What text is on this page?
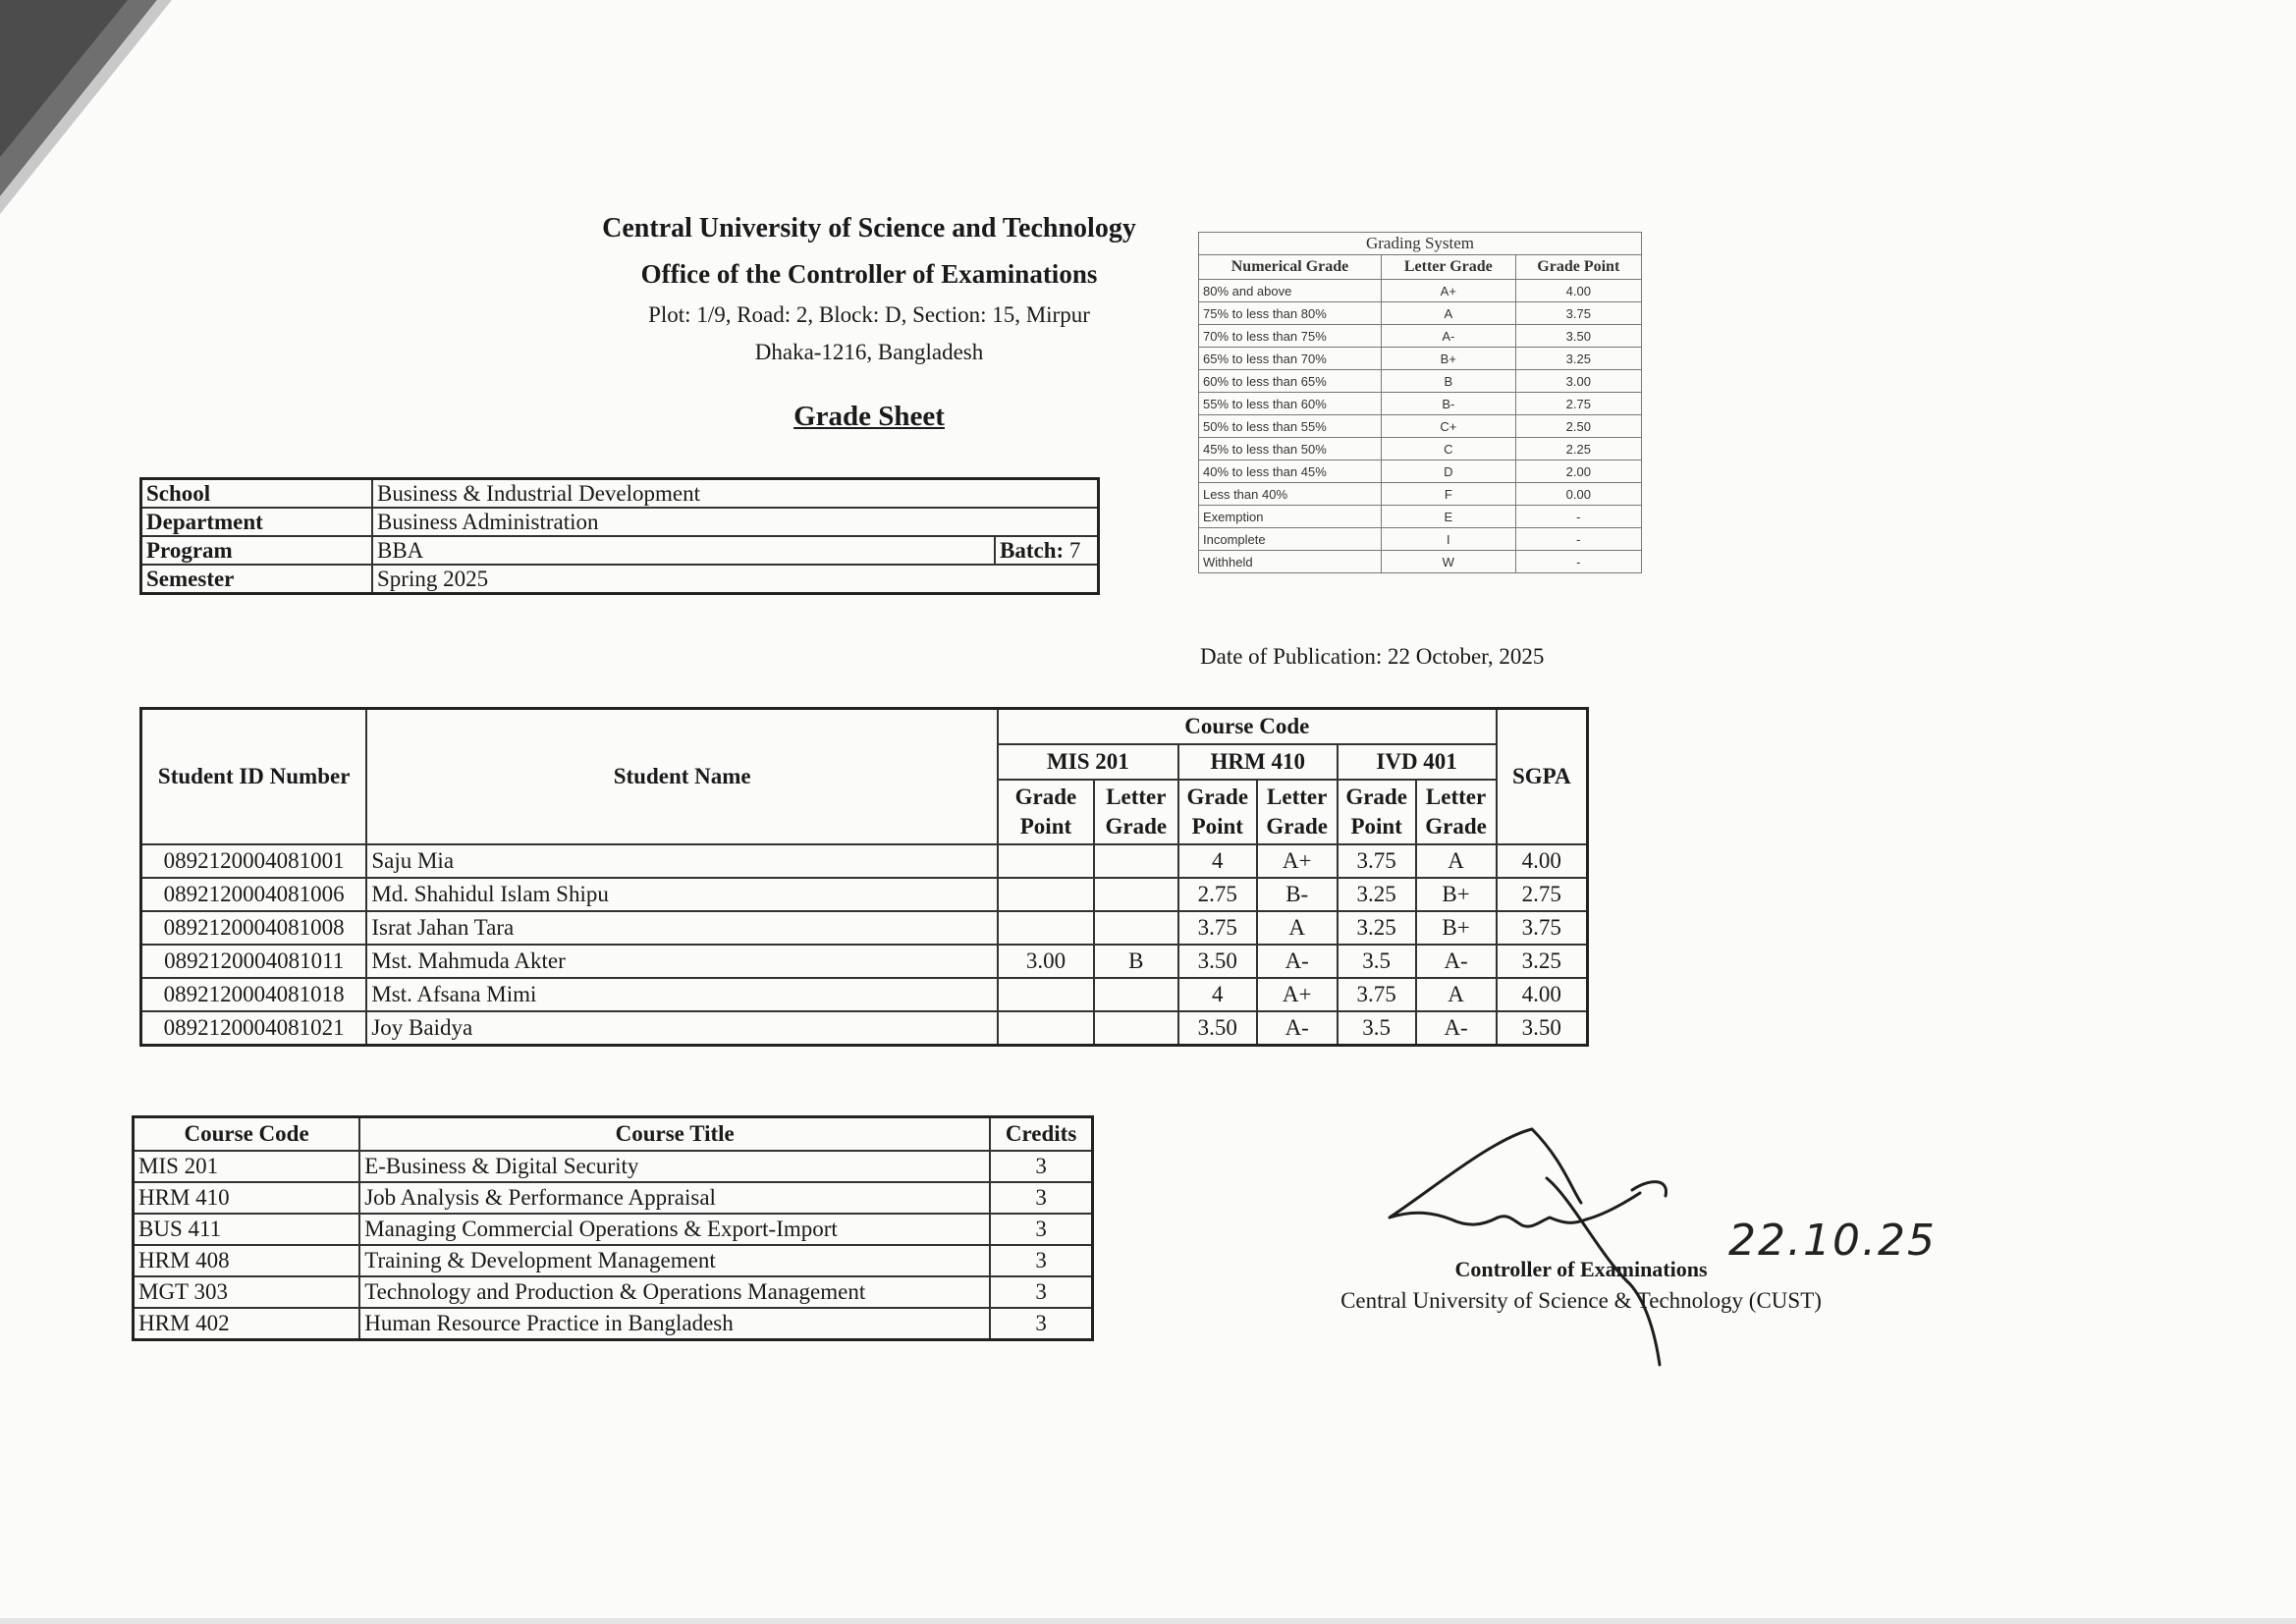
Central University of Science and Technology
Office of the Controller of Examinations
Plot: 1/9, Road: 2, Block: D, Section: 15, Mirpur
Dhaka-1216, Bangladesh
Grade Sheet
School	Business & Industrial Development	
Department	Business Administration	
Program	BBA	Batch: 7
Semester	Spring 2025	
Grading System		
Numerical Grade	Letter Grade	Grade Point
80% and above	A+	4.00
75% to less than 80%	A	3.75
70% to less than 75%	A-	3.50
65% to less than 70%	B+	3.25
60% to less than 65%	B	3.00
55% to less than 60%	B-	2.75
50% to less than 55%	C+	2.50
45% to less than 50%	C	2.25
40% to less than 45%	D	2.00
Less than 40%	F	0.00
Exemption	E	-
Incomplete	I	-
Withheld	W	-
Date of Publication: 22 October, 2025
Student ID Number	Student Name	Course Code						SGPA
		MIS 201		HRM 410		IVD 401		
		Grade Point	Letter Grade	Grade Point	Letter Grade	Grade Point	Letter Grade	
0892120004081001	Saju Mia			4	A+	3.75	A	4.00
0892120004081006	Md. Shahidul Islam Shipu			2.75	B-	3.25	B+	2.75
0892120004081008	Israt Jahan Tara			3.75	A	3.25	B+	3.75
0892120004081011	Mst. Mahmuda Akter	3.00	B	3.50	A-	3.5	A-	3.25
0892120004081018	Mst. Afsana Mimi			4	A+	3.75	A	4.00
0892120004081021	Joy Baidya			3.50	A-	3.5	A-	3.50
Course Code	Course Title	Credits
MIS 201	E-Business & Digital Security	3
HRM 410	Job Analysis & Performance Appraisal	3
BUS 411	Managing Commercial Operations & Export-Import	3
HRM 408	Training & Development Management	3
MGT 303	Technology and Production & Operations Management	3
HRM 402	Human Resource Practice in Bangladesh	3
22.10.25
Controller of Examinations
Central University of Science & Technology (CUST)
